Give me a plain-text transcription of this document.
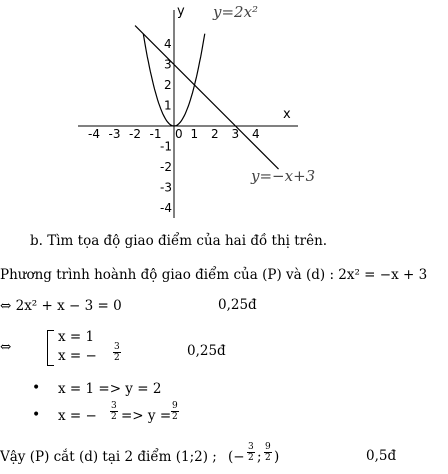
-4 -3 -2 -1 0 1 2 3 4
4
3
2
1
-1
-2
-3
-4
y
x
y=2x²
y=−x+3
b. Tìm tọa độ giao điểm của hai đồ thị trên.
Phương trình hoành độ giao điểm của (P) và (d) : 2x² = −x + 3
⇔ 2x² + x − 3 = 0	0,25đ
⇔
x = 1
x = − $\frac{3}{2}$	0,25đ
• x = 1 => y = 2
• x = − $\frac{3}{2} => y = \frac{9}{2}$
Vậy (P) cắt (d) tại 2 điểm (1;2) ; (− $\frac{3}{2}$ ; $\frac{9}{2}$ )	0,5đ
